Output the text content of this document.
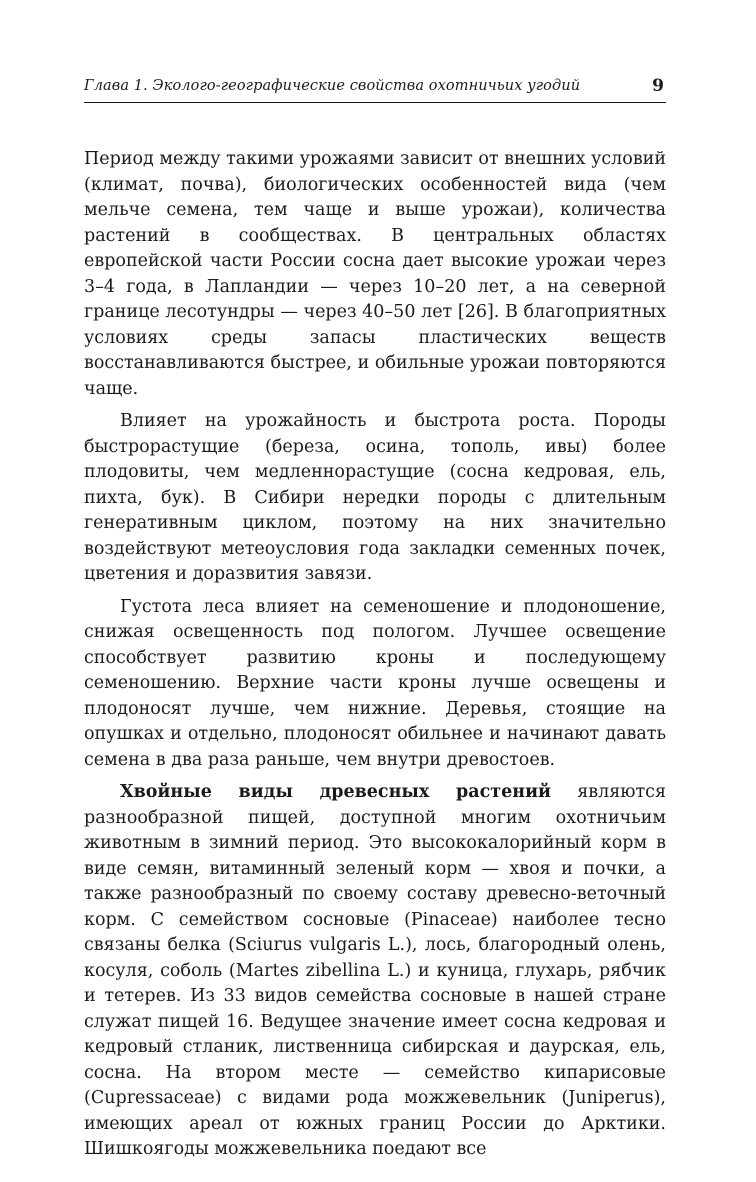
Глава 1. Эколого-географические свойства охотничьих угодий	9

Период между такими урожаями зависит от внешних условий (климат, почва), биологических особенностей вида (чем мельче семена, тем чаще и выше урожаи), количества растений в сообществах. В центральных областях европейской части России сосна дает высокие урожаи через 3–4 года, в Лапландии — через 10–20 лет, а на северной границе лесотундры — через 40–50 лет [26]. В благоприятных условиях среды запасы пластических веществ восстанавливаются быстрее, и обильные урожаи повторяются чаще.

Влияет на урожайность и быстрота роста. Породы быстрорастущие (береза, осина, тополь, ивы) более плодовиты, чем медленнорастущие (сосна кедровая, ель, пихта, бук). В Сибири нередки породы с длительным генеративным циклом, поэтому на них значительно воздействуют метеоусловия года закладки семенных почек, цветения и доразвития завязи.

Густота леса влияет на семеношение и плодоношение, снижая освещенность под пологом. Лучшее освещение способствует развитию кроны и последующему семеношению. Верхние части кроны лучше освещены и плодоносят лучше, чем нижние. Деревья, стоящие на опушках и отдельно, плодоносят обильнее и начинают давать семена в два раза раньше, чем внутри древостоев.

Хвойные виды древесных растений являются разнообразной пищей, доступной многим охотничьим животным в зимний период. Это высококалорийный корм в виде семян, витаминный зеленый корм — хвоя и почки, а также разнообразный по своему составу древесно-веточный корм. С семейством сосновые (Pinaceae) наиболее тесно связаны белка (Sciurus vulgaris L.), лось, благородный олень, косуля, соболь (Martes zibellina L.) и куница, глухарь, рябчик и тетерев. Из 33 видов семейства сосновые в нашей стране служат пищей 16. Ведущее значение имеет сосна кедровая и кедровый стланик, лиственница сибирская и даурская, ель, сосна. На втором месте — семейство кипарисовые (Cupressaceae) с видами рода можжевельник (Juniperus), имеющих ареал от южных границ России до Арктики. Шишкоягоды можжевельника поедают все
